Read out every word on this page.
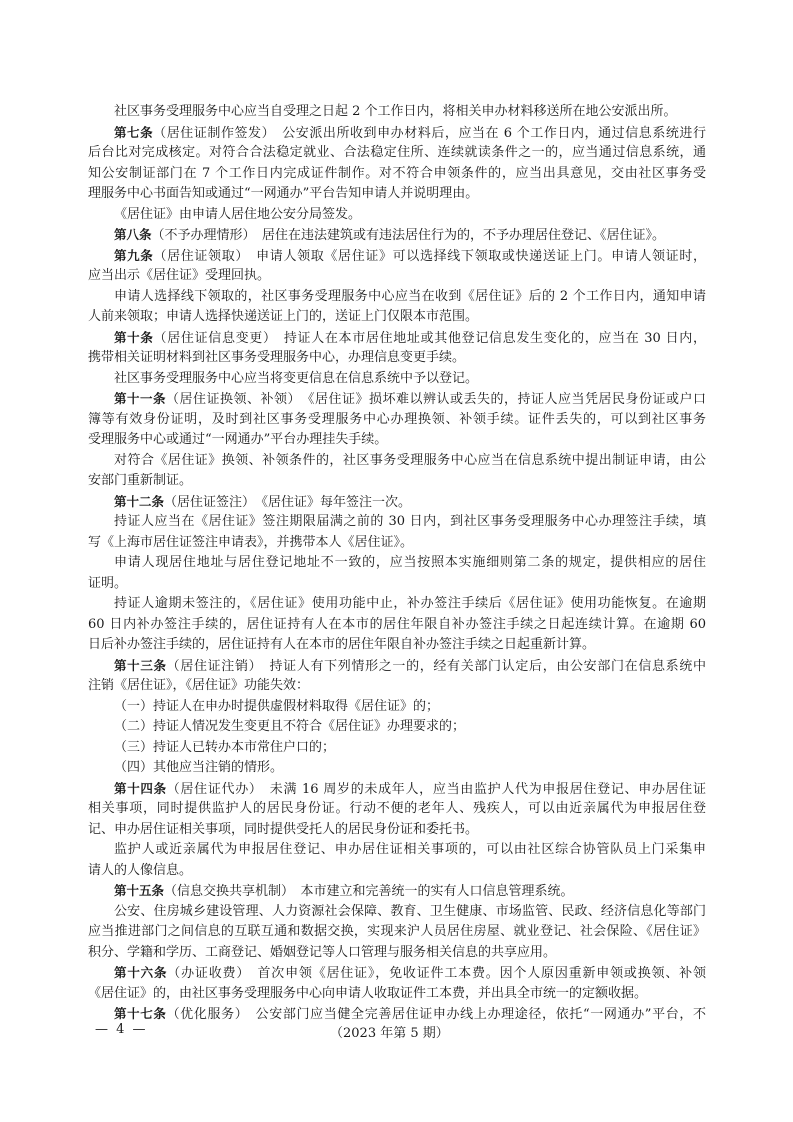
社区事务受理服务中心应当自受理之日起 2 个工作日内，将相关申办材料移送所在地公安派出所。
第七条（居住证制作签发）　公安派出所收到申办材料后，应当在 6 个工作日内，通过信息系统进行
后台比对完成核定。对符合合法稳定就业、合法稳定住所、连续就读条件之一的，应当通过信息系统，通
知公安制证部门在 7 个工作日内完成证件制作。对不符合申领条件的，应当出具意见，交由社区事务受
理服务中心书面告知或通过“一网通办”平台告知申请人并说明理由。
《居住证》由申请人居住地公安分局签发。
第八条（不予办理情形）　居住在违法建筑或有违法居住行为的，不予办理居住登记、《居住证》。
第九条（居住证领取）　申请人领取《居住证》可以选择线下领取或快递送证上门。申请人领证时，
应当出示《居住证》受理回执。
申请人选择线下领取的，社区事务受理服务中心应当在收到《居住证》后的 2 个工作日内，通知申请
人前来领取；申请人选择快递送证上门的，送证上门仅限本市范围。
第十条（居住证信息变更）　持证人在本市居住地址或其他登记信息发生变化的，应当在 30 日内，
携带相关证明材料到社区事务受理服务中心，办理信息变更手续。
社区事务受理服务中心应当将变更信息在信息系统中予以登记。
第十一条（居住证换领、补领）　《居住证》损坏难以辨认或丢失的，持证人应当凭居民身份证或户口
簿等有效身份证明，及时到社区事务受理服务中心办理换领、补领手续。证件丢失的，可以到社区事务
受理服务中心或通过“一网通办”平台办理挂失手续。
对符合《居住证》换领、补领条件的，社区事务受理服务中心应当在信息系统中提出制证申请，由公
安部门重新制证。
第十二条（居住证签注）　《居住证》每年签注一次。
持证人应当在《居住证》签注期限届满之前的 30 日内，到社区事务受理服务中心办理签注手续，填
写《上海市居住证签注申请表》，并携带本人《居住证》。
申请人现居住地址与居住登记地址不一致的，应当按照本实施细则第二条的规定，提供相应的居住
证明。
持证人逾期未签注的，《居住证》使用功能中止，补办签注手续后《居住证》使用功能恢复。在逾期
60 日内补办签注手续的，居住证持有人在本市的居住年限自补办签注手续之日起连续计算。在逾期 60
日后补办签注手续的，居住证持有人在本市的居住年限自补办签注手续之日起重新计算。
第十三条（居住证注销）　持证人有下列情形之一的，经有关部门认定后，由公安部门在信息系统中
注销《居住证》，《居住证》功能失效：
（一）持证人在申办时提供虚假材料取得《居住证》的；
（二）持证人情况发生变更且不符合《居住证》办理要求的；
（三）持证人已转办本市常住户口的；
（四）其他应当注销的情形。
第十四条（居住证代办）　未满 16 周岁的未成年人，应当由监护人代为申报居住登记、申办居住证
相关事项，同时提供监护人的居民身份证。行动不便的老年人、残疾人，可以由近亲属代为申报居住登
记、申办居住证相关事项，同时提供受托人的居民身份证和委托书。
监护人或近亲属代为申报居住登记、申办居住证相关事项的，可以由社区综合协管队员上门采集申
请人的人像信息。
第十五条（信息交换共享机制）　本市建立和完善统一的实有人口信息管理系统。
公安、住房城乡建设管理、人力资源社会保障、教育、卫生健康、市场监管、民政、经济信息化等部门
应当推进部门之间信息的互联互通和数据交换，实现来沪人员居住房屋、就业登记、社会保险、《居住证》
积分、学籍和学历、工商登记、婚姻登记等人口管理与服务相关信息的共享应用。
第十六条（办证收费）　首次申领《居住证》，免收证件工本费。因个人原因重新申领或换领、补领
《居住证》的，由社区事务受理服务中心向申请人收取证件工本费，并出具全市统一的定额收据。
第十七条（优化服务）　公安部门应当健全完善居住证申办线上办理途径，依托“一网通办”平台，不
— 4 —	（2023 年第 5 期）
